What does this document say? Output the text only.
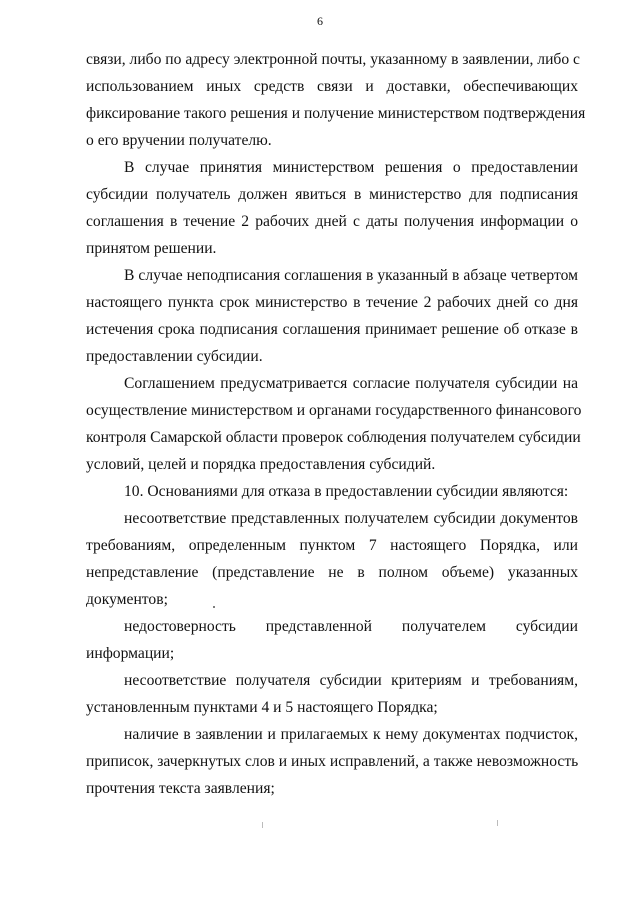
6
связи, либо по адресу электронной почты, указанному в заявлении, либо с
использованием иных средств связи и доставки, обеспечивающих
фиксирование такого решения и получение министерством подтверждения
о его вручении получателю.
В случае принятия министерством решения о предоставлении
субсидии получатель должен явиться в министерство для подписания
соглашения в течение 2 рабочих дней с даты получения информации о
принятом решении.
В случае неподписания соглашения в указанный в абзаце четвертом
настоящего пункта срок министерство в течение 2 рабочих дней со дня
истечения срока подписания соглашения принимает решение об отказе в
предоставлении субсидии.
Соглашением предусматривается согласие получателя субсидии на
осуществление министерством и органами государственного финансового
контроля Самарской области проверок соблюдения получателем субсидии
условий, целей и порядка предоставления субсидий.
10. Основаниями для отказа в предоставлении субсидии являются:
несоответствие представленных получателем субсидии документов
требованиям, определенным пунктом 7 настоящего Порядка, или
непредставление (представление не в полном объеме) указанных
документов;
недостоверность представленной получателем субсидии
информации;
несоответствие получателя субсидии критериям и требованиям,
установленным пунктами 4 и 5 настоящего Порядка;
наличие в заявлении и прилагаемых к нему документах подчисток,
приписок, зачеркнутых слов и иных исправлений, а также невозможность
прочтения текста заявления;
